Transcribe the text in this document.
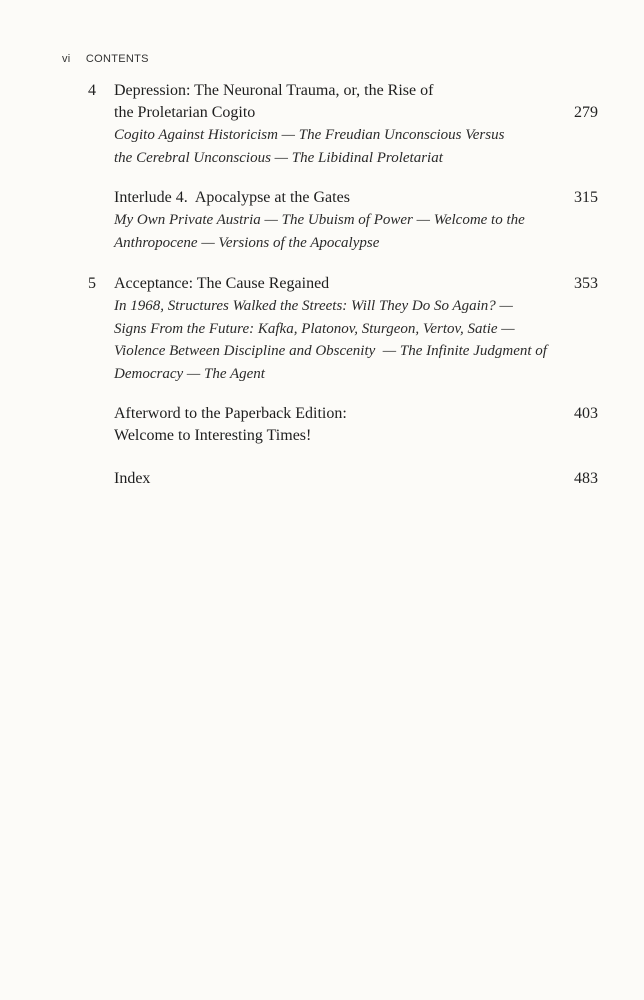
vi CONTENTS
4 Depression: The Neuronal Trauma, or, the Rise of
the Proletarian Cogito
Cogito Against Historicism — The Freudian Unconscious Versus
the Cerebral Unconscious — The Libidinal Proletariat
279
Interlude 4.  Apocalypse at the Gates
My Own Private Austria — The Ubuism of Power — Welcome to the
Anthropocene — Versions of the Apocalypse
315
5 Acceptance: The Cause Regained
In 1968, Structures Walked the Streets: Will They Do So Again? —
Signs From the Future: Kafka, Platonov, Sturgeon, Vertov, Satie —
Violence Between Discipline and Obscenity  — The Infinite Judgment of
Democracy — The Agent
353
Afterword to the Paperback Edition:
Welcome to Interesting Times!
403
Index	483
